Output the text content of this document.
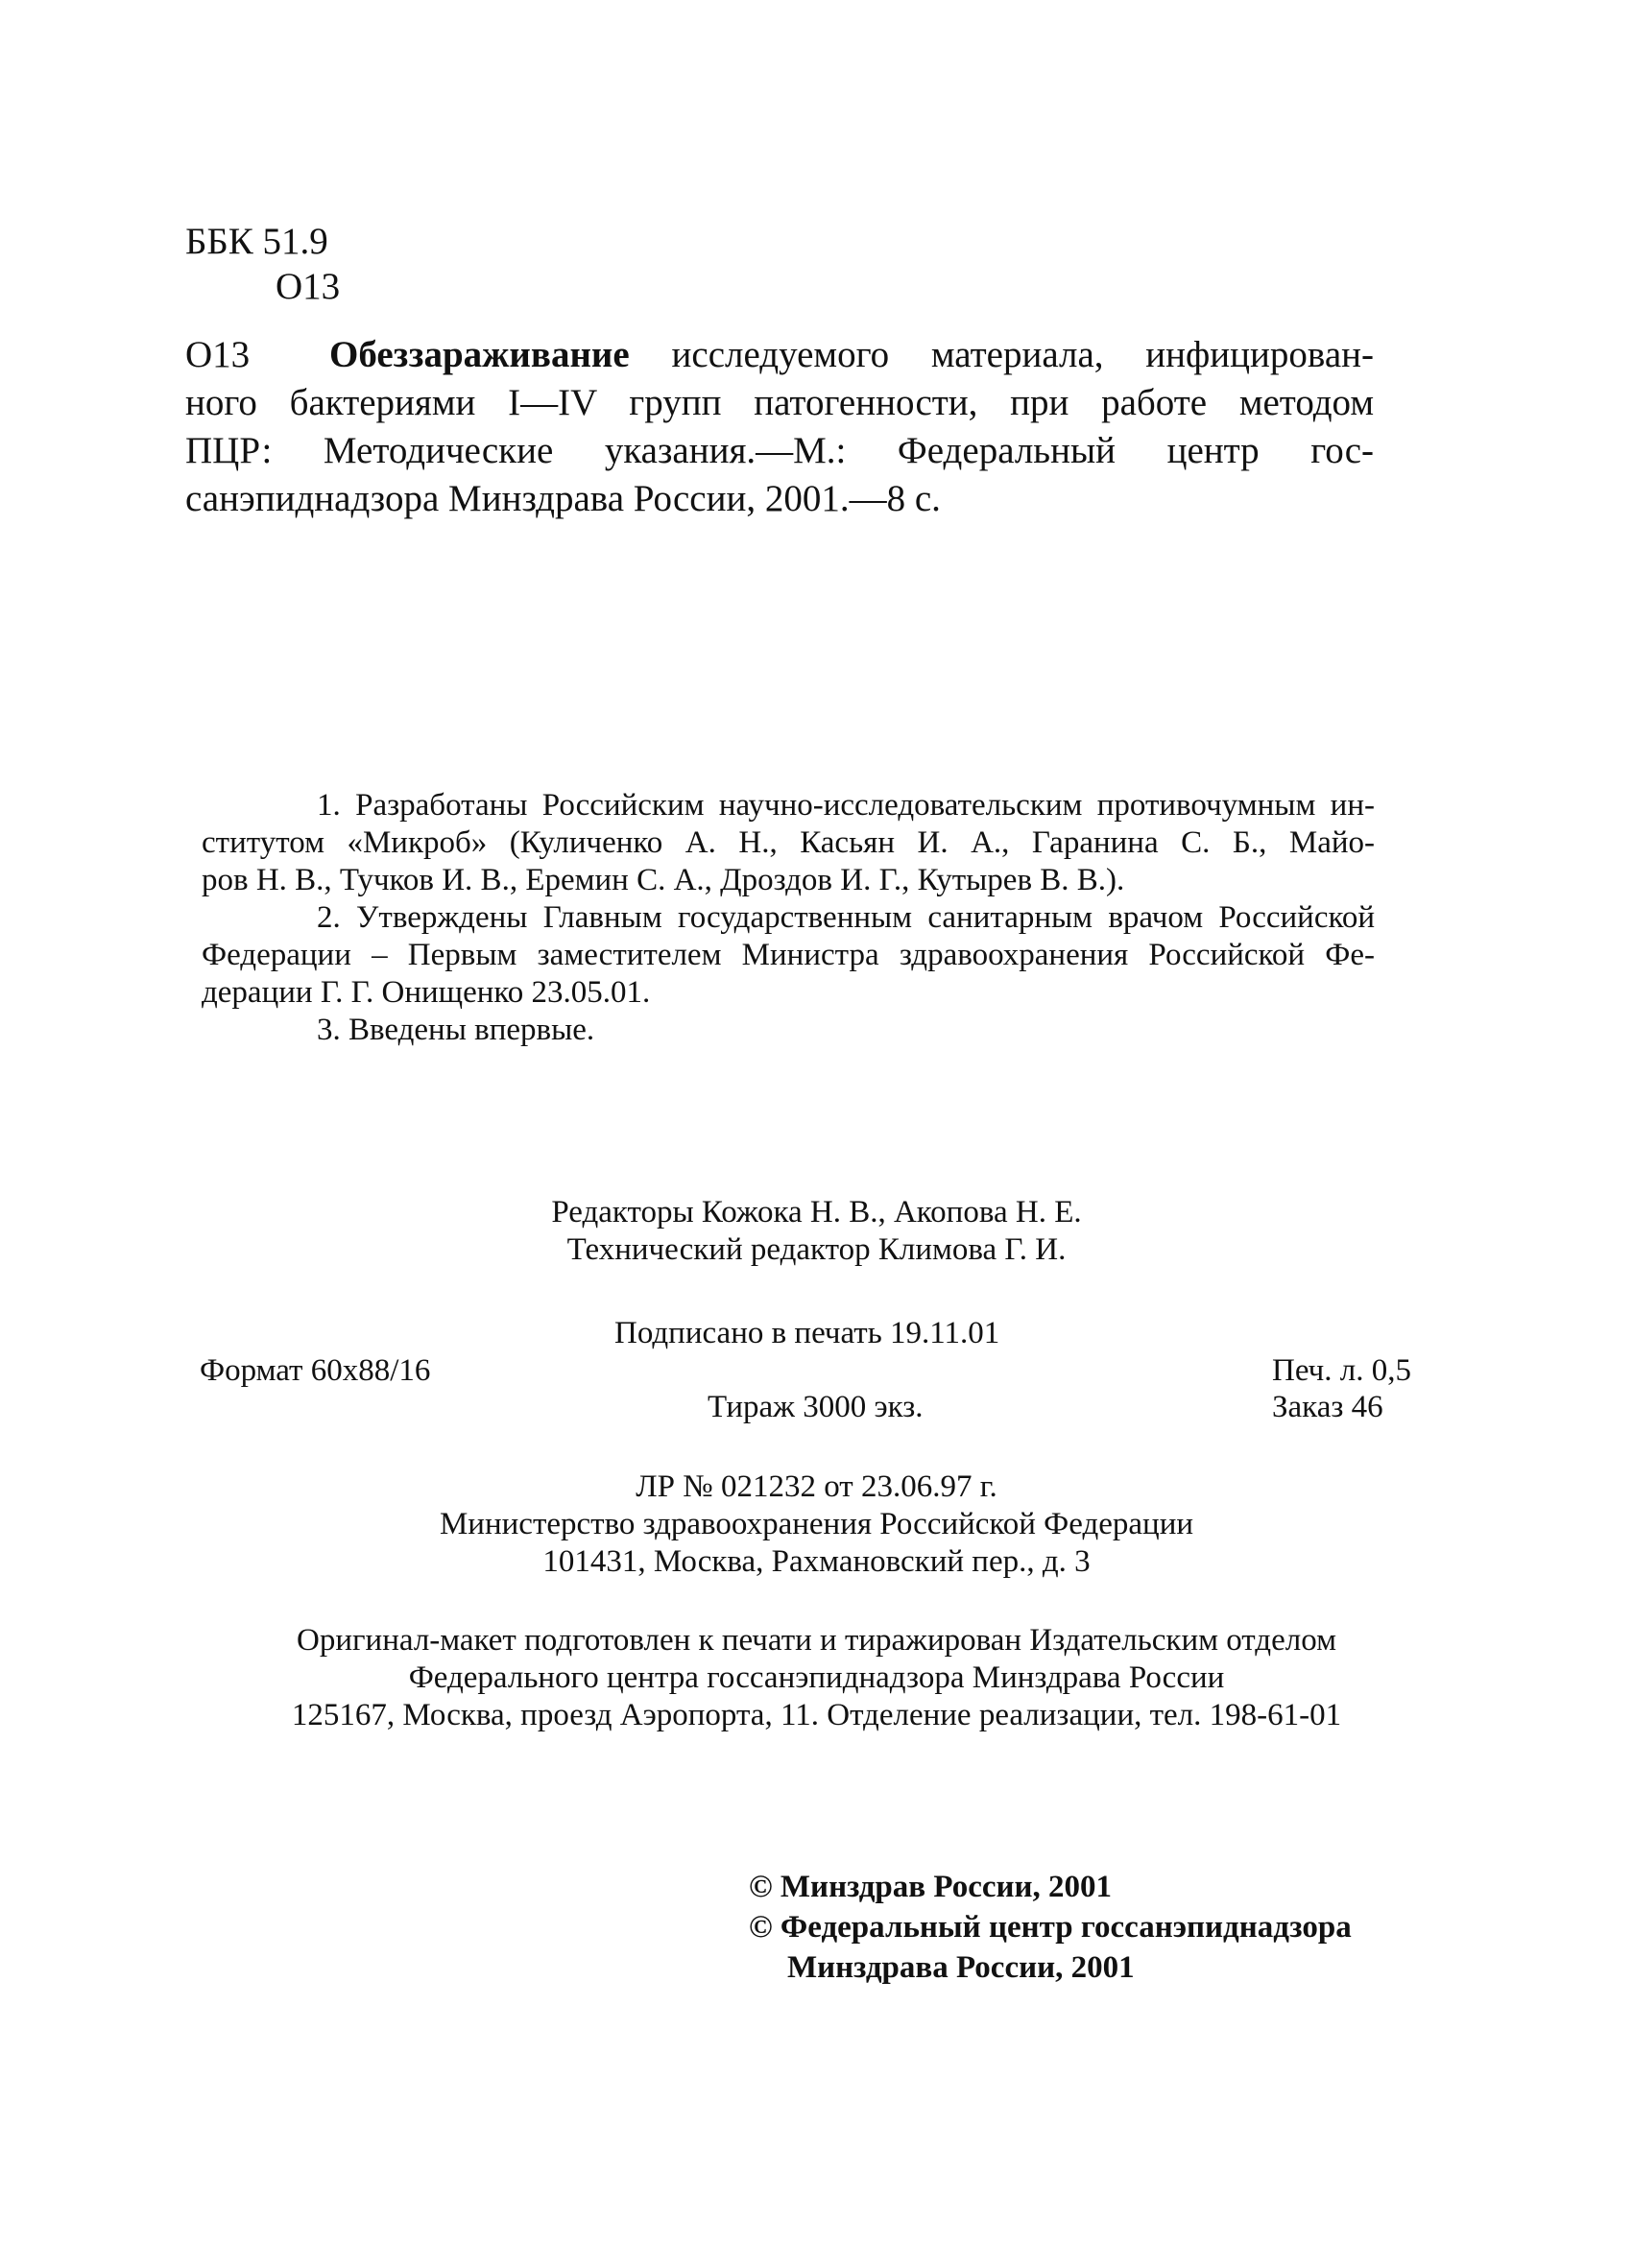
ББК 51.9
О13
О13	Обеззараживание исследуемого материала, инфицирован-
ного бактериями I—IV групп патогенности, при работе методом
ПЦР: Методические указания.—М.: Федеральный центр гос-
санэпиднадзора Минздрава России, 2001.—8 с.
1. Разработаны Российским научно-исследовательским противочумным ин-
ститутом «Микроб» (Куличенко А. Н., Касьян И. А., Гаранина С. Б., Майо-
ров Н. В., Тучков И. В., Еремин С. А., Дроздов И. Г., Кутырев В. В.).
2. Утверждены Главным государственным санитарным врачом Российской
Федерации – Первым заместителем Министра здравоохранения Российской Фе-
дерации Г. Г. Онищенко 23.05.01.
3. Введены впервые.
Редакторы Кожока Н. В., Акопова Н. Е.
Технический редактор Климова Г. И.
Подписано в печать 19.11.01
Формат 60х88/16	Печ. л. 0,5
Тираж 3000 экз.	Заказ 46
ЛР № 021232 от 23.06.97 г.
Министерство здравоохранения Российской Федерации
101431, Москва, Рахмановский пер., д. 3
Оригинал-макет подготовлен к печати и тиражирован Издательским отделом
Федерального центра госсанэпиднадзора Минздрава России
125167, Москва, проезд Аэропорта, 11. Отделение реализации, тел. 198-61-01
© Минздрав России, 2001
© Федеральный центр госсанэпиднадзора
Минздрава России, 2001
